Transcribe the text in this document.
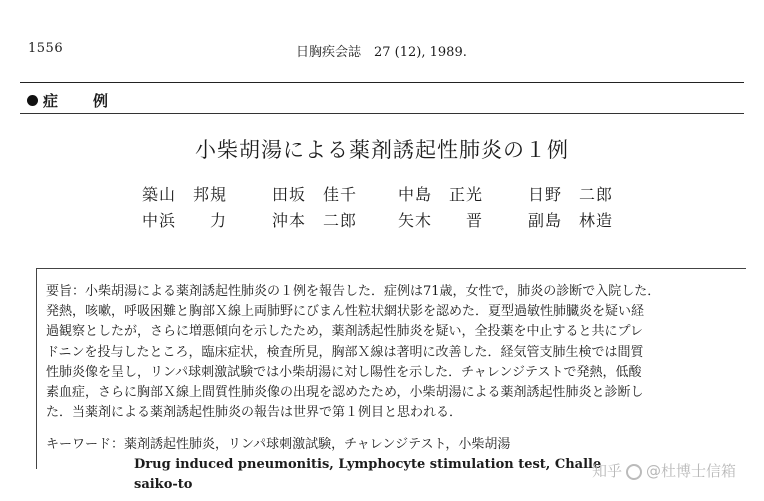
1556	日胸疾会誌　27 (12), 1989.
症　例
小柴胡湯による薬剤誘起性肺炎の１例
築山　邦規	田坂　佳千	中島　正光	日野　二郎
中浜　　力	沖本　二郎	矢木　　晋	副島　林造
要旨：小柴胡湯による薬剤誘起性肺炎の１例を報告した．症例は71歳，女性で，肺炎の診断で入院した．
発熱，咳嗽，呼吸困難と胸部Ｘ線上両肺野にびまん性粒状網状影を認めた．夏型過敏性肺臓炎を疑い経
過観察としたが，さらに増悪傾向を示したため，薬剤誘起性肺炎を疑い，全投薬を中止すると共にプレ
ドニンを投与したところ，臨床症状，検査所見，胸部Ｘ線は著明に改善した．経気管支肺生検では間質
性肺炎像を呈し，リンパ球刺激試験では小柴胡湯に対し陽性を示した．チャレンジテストで発熱，低酸
素血症，さらに胸部Ｘ線上間質性肺炎像の出現を認めたため，小柴胡湯による薬剤誘起性肺炎と診断し
た．当薬剤による薬剤誘起性肺炎の報告は世界で第１例目と思われる．
キーワード：薬剤誘起性肺炎，リンパ球刺激試験，チャレンジテスト，小柴胡湯
Drug induced pneumonitis, Lymphocyte stimulation test, Challe
saiko-to
知乎 @杜博士信箱
